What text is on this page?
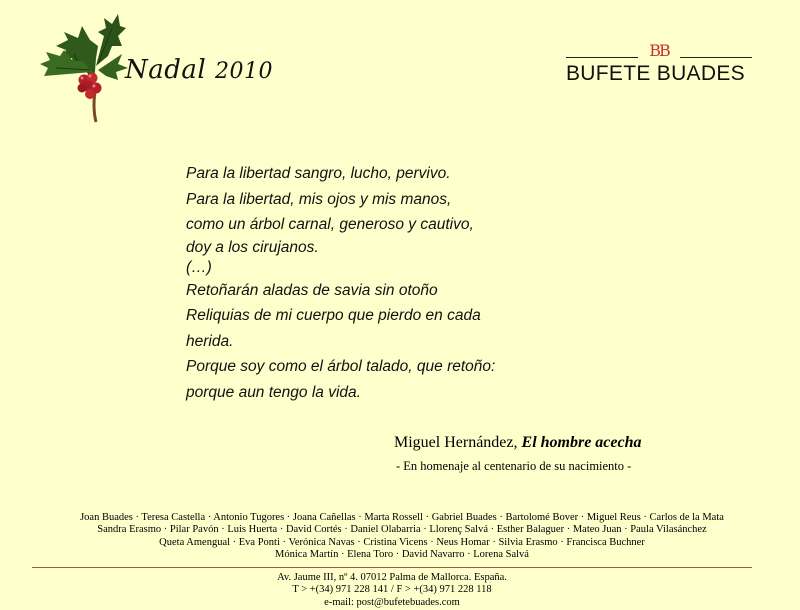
Nadal 2010
BB
BUFETE BUADES
Para la libertad sangro, lucho, pervivo.
Para la libertad, mis ojos y mis manos,
como un árbol carnal, generoso y cautivo,
doy a los cirujanos.
(…)
Retoñarán aladas de savia sin otoño
Reliquias de mi cuerpo que pierdo en cada
herida.
Porque soy como el árbol talado, que retoño:
porque aun tengo la vida.
Miguel Hernández, El hombre acecha
- En homenaje al centenario de su nacimiento -
Joan Buades · Teresa Castella · Antonio Tugores · Joana Cañellas · Marta Rossell · Gabriel Buades · Bartolomé Bover · Miguel Reus · Carlos de la Mata
Sandra Erasmo · Pilar Pavón · Luis Huerta · David Cortés · Daniel Olabarria · Llorenç Salvá · Esther Balaguer · Mateo Juan · Paula Vilasánchez
Queta Amengual · Eva Ponti · Verónica Navas · Cristina Vicens · Neus Homar · Silvia Erasmo · Francisca Buchner
Mónica Martín · Elena Toro · David Navarro · Lorena Salvá
Av. Jaume III, nº 4. 07012 Palma de Mallorca. España.
T > +(34) 971 228 141 / F > +(34) 971 228 118
e-mail: post@bufetebuades.com
